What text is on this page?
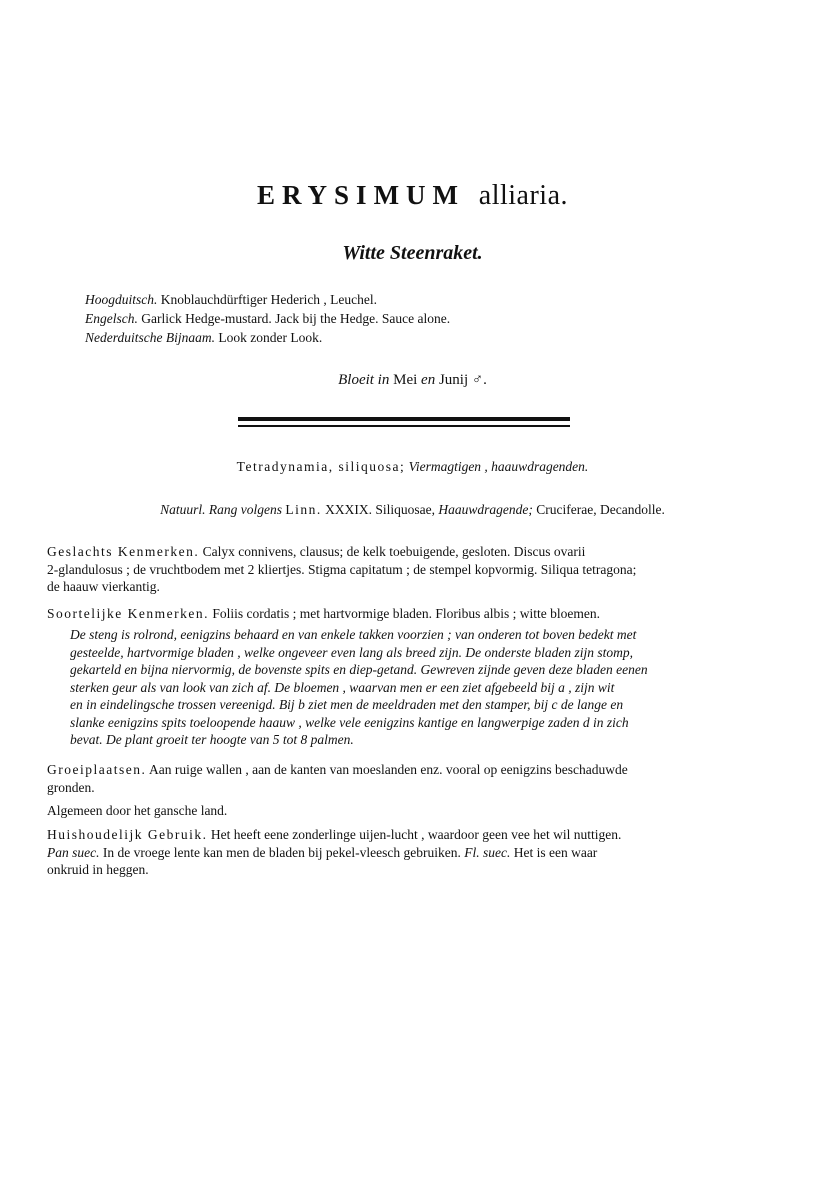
ERYSIMUM alliaria.
Witte Steenraket.
Hoogduitsch. Knoblauchdürftiger Hederich , Leuchel.
Engelsch. Garlick Hedge-mustard. Jack bij the Hedge. Sauce alone.
Nederduitsche Bijnaam. Look zonder Look.
Bloeit in Mei en Junij ♂.
Tetradynamia, siliquosa; Viermagtigen , haauwdragenden.
Natuurl. Rang volgens Linn. XXXIX. Siliquosae, Haauwdragende; Cruciferae, Decandolle.
Geslachts Kenmerken. Calyx connivens, clausus; de kelk toebuigende, gesloten. Discus ovarii
2-glandulosus ; de vruchtbodem met 2 kliertjes. Stigma capitatum ; de stempel kopvormig. Siliqua tetragona;
de haauw vierkantig.
Soortelijke Kenmerken. Foliis cordatis ; met hartvormige bladen. Floribus albis ; witte bloemen.
De steng is rolrond, eenigzins behaard en van enkele takken voorzien ; van onderen tot boven bedekt met
gesteelde, hartvormige bladen , welke ongeveer even lang als breed zijn. De onderste bladen zijn stomp,
gekarteld en bijna niervormig, de bovenste spits en diep-getand. Gewreven zijnde geven deze bladen eenen
sterken geur als van look van zich af. De bloemen , waarvan men er een ziet afgebeeld bij a , zijn wit
en in eindelingsche trossen vereenigd. Bij b ziet men de meeldraden met den stamper, bij c de lange en
slanke eenigzins spits toeloopende haauw , welke vele eenigzins kantige en langwerpige zaden d in zich
bevat. De plant groeit ter hoogte van 5 tot 8 palmen.
Groeiplaatsen. Aan ruige wallen , aan de kanten van moeslanden enz. vooral op eenigzins beschaduwde
gronden.
Algemeen door het gansche land.
Huishoudelijk Gebruik. Het heeft eene zonderlinge uijen-lucht , waardoor geen vee het wil nuttigen.
Pan suec. In de vroege lente kan men de bladen bij pekel-vleesch gebruiken. Fl. suec. Het is een waar
onkruid in heggen.
